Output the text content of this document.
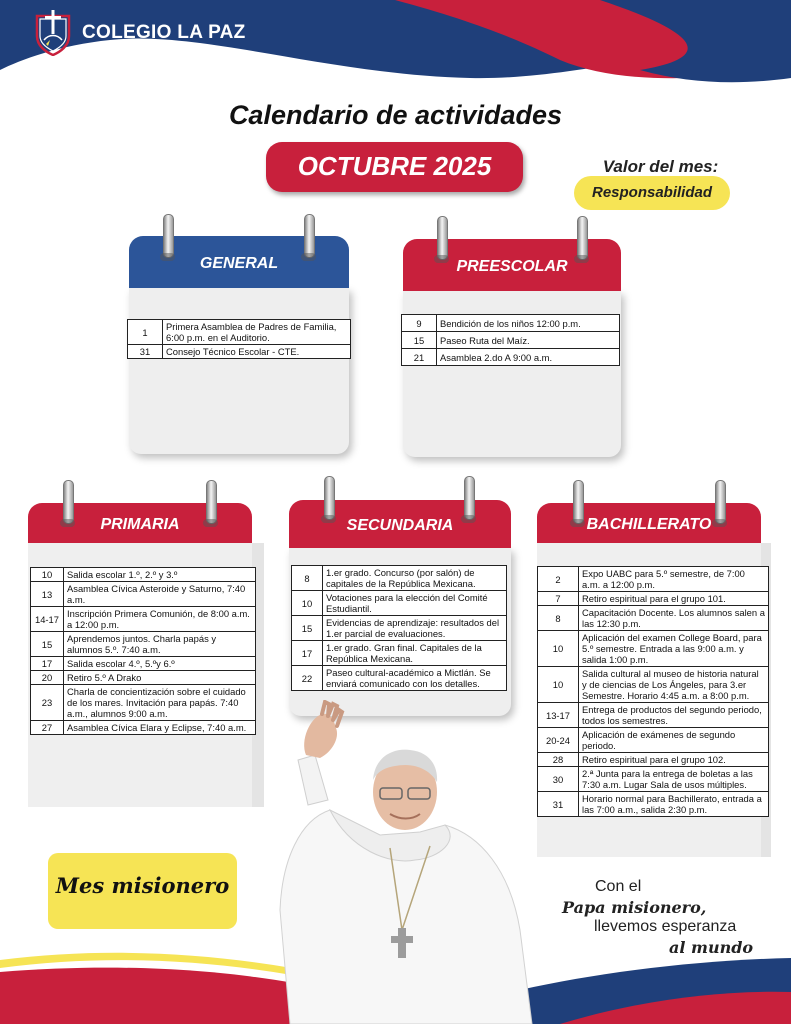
COLEGIO LA PAZ
Calendario de actividades
OCTUBRE 2025	Valor del mes:
Responsabilidad
GENERAL
1	Primera Asamblea de Padres de Familia, 6:00 p.m. en el Auditorio.
31	Consejo Técnico Escolar - CTE.
PREESCOLAR
9	Bendición de los niños 12:00 p.m.
15	Paseo Ruta del Maíz.
21	Asamblea 2.do A 9:00 a.m.
PRIMARIA
10	Salida escolar 1.º, 2.º y 3.º
13	Asamblea Cívica Asteroide y Saturno, 7:40 a.m.
14-17	Inscripción Primera Comunión, de 8:00 a.m. a 12:00 p.m.
15	Aprendemos juntos. Charla papás y alumnos 5.º. 7:40 a.m.
17	Salida escolar 4.º, 5.ºy 6.º
20	Retiro 5.º A Drako
23	Charla de concientización sobre el cuidado de los mares. Invitación para papás. 7:40 a.m., alumnos 9:00 a.m.
27	Asamblea Cívica Elara y Eclipse, 7:40 a.m.
SECUNDARIA
8	1.er grado. Concurso (por salón) de capitales de la República Mexicana.
10	Votaciones para la elección del Comité Estudiantil.
15	Evidencias de aprendizaje: resultados del 1.er parcial de evaluaciones.
17	1.er grado. Gran final. Capitales de la República Mexicana.
22	Paseo cultural-académico a Mictlán. Se enviará comunicado con los detalles.
BACHILLERATO
2	Expo UABC para 5.º semestre, de 7:00 a.m. a 12:00 p.m.
7	Retiro espiritual para el grupo 101.
8	Capacitación Docente. Los alumnos salen a las 12:30 p.m.
10	Aplicación del examen College Board, para 5.º semestre. Entrada a las 9:00 a.m. y salida 1:00 p.m.
10	Salida cultural al museo de historia natural y de ciencias de Los Ángeles, para 3.er Semestre. Horario 4:45 a.m. a 8:00 p.m.
13-17	Entrega de productos del segundo periodo, todos los semestres.
20-24	Aplicación de exámenes de segundo periodo.
28	Retiro espiritual para el grupo 102.
30	2.ª Junta para la entrega de boletas a las 7:30 a.m. Lugar Sala de usos múltiples.
31	Horario normal para Bachillerato, entrada a las 7:00 a.m., salida 2:30 p.m.
Mes misionero	Con el
Papa misionero,
llevemos esperanza
al mundo
